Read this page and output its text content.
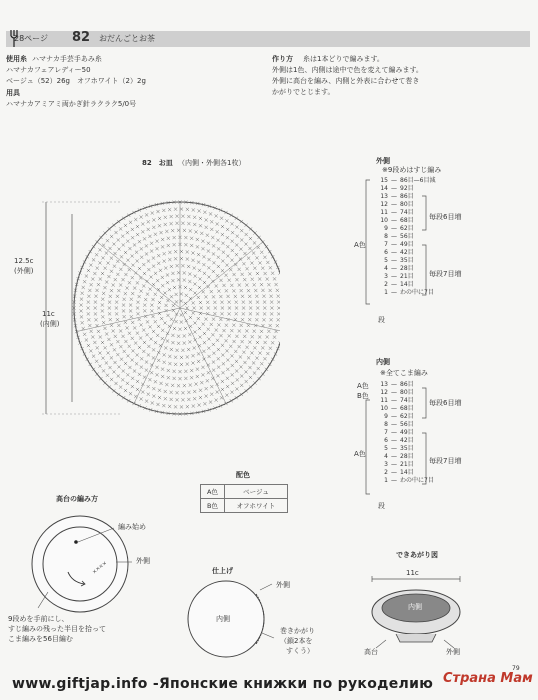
28ページ 82 おだんごとお茶
使用糸 ハマナカ手芸手あみ糸
ハマナカフェアレディー50
ベージュ（52）26g　オフホワイト（2）2g
用具
ハマナカアミアミ両かぎ針ラクラク5/0号
作り方 糸は1本どりで編みます。
外側は1色、内側は途中で色を変えて編みます。
外側に高台を編み、内側と外表に合わせて巻き
かがりでとじます。
82　お皿 （内側・外側各1枚）
12.5c
(外側)
11c
(内側)
外側
※9段めはすじ編み
15 — 86目—6目減
14 — 92目
13 — 86目
12 — 80目
11 — 74目
10 — 68目
9 — 62目
8 — 56目
7 — 49目
6 — 42目
5 — 35目
4 — 28目
3 — 21目
2 — 14目
1 — わの中に7目
A色
毎段6目増
毎段7目増
段
内側
※全てこま編み
13 — 86目
12 — 80目
11 — 74目
10 — 68目
9 — 62目
8 — 56目
7 — 49目
6 — 42目
5 — 35目
4 — 28目
3 — 21目
2 — 14目
1 — わの中に7目
A色
B色
A色
毎段6目増
毎段7目増
段
配色
A色	ベージュ
B色	オフホワイト
高台の編み方
××××
編み始め
外側
9段めを手前にし、
すじ編みの残った半目を拾って
こま編みを56目編む
仕上げ
内側
外側
巻きかがり
（鎖2本を
すくう）
できあがり図
11c
内側
高台	外側
79
www.giftjap.info -Японские книжки по рукоделию Страна Мам
